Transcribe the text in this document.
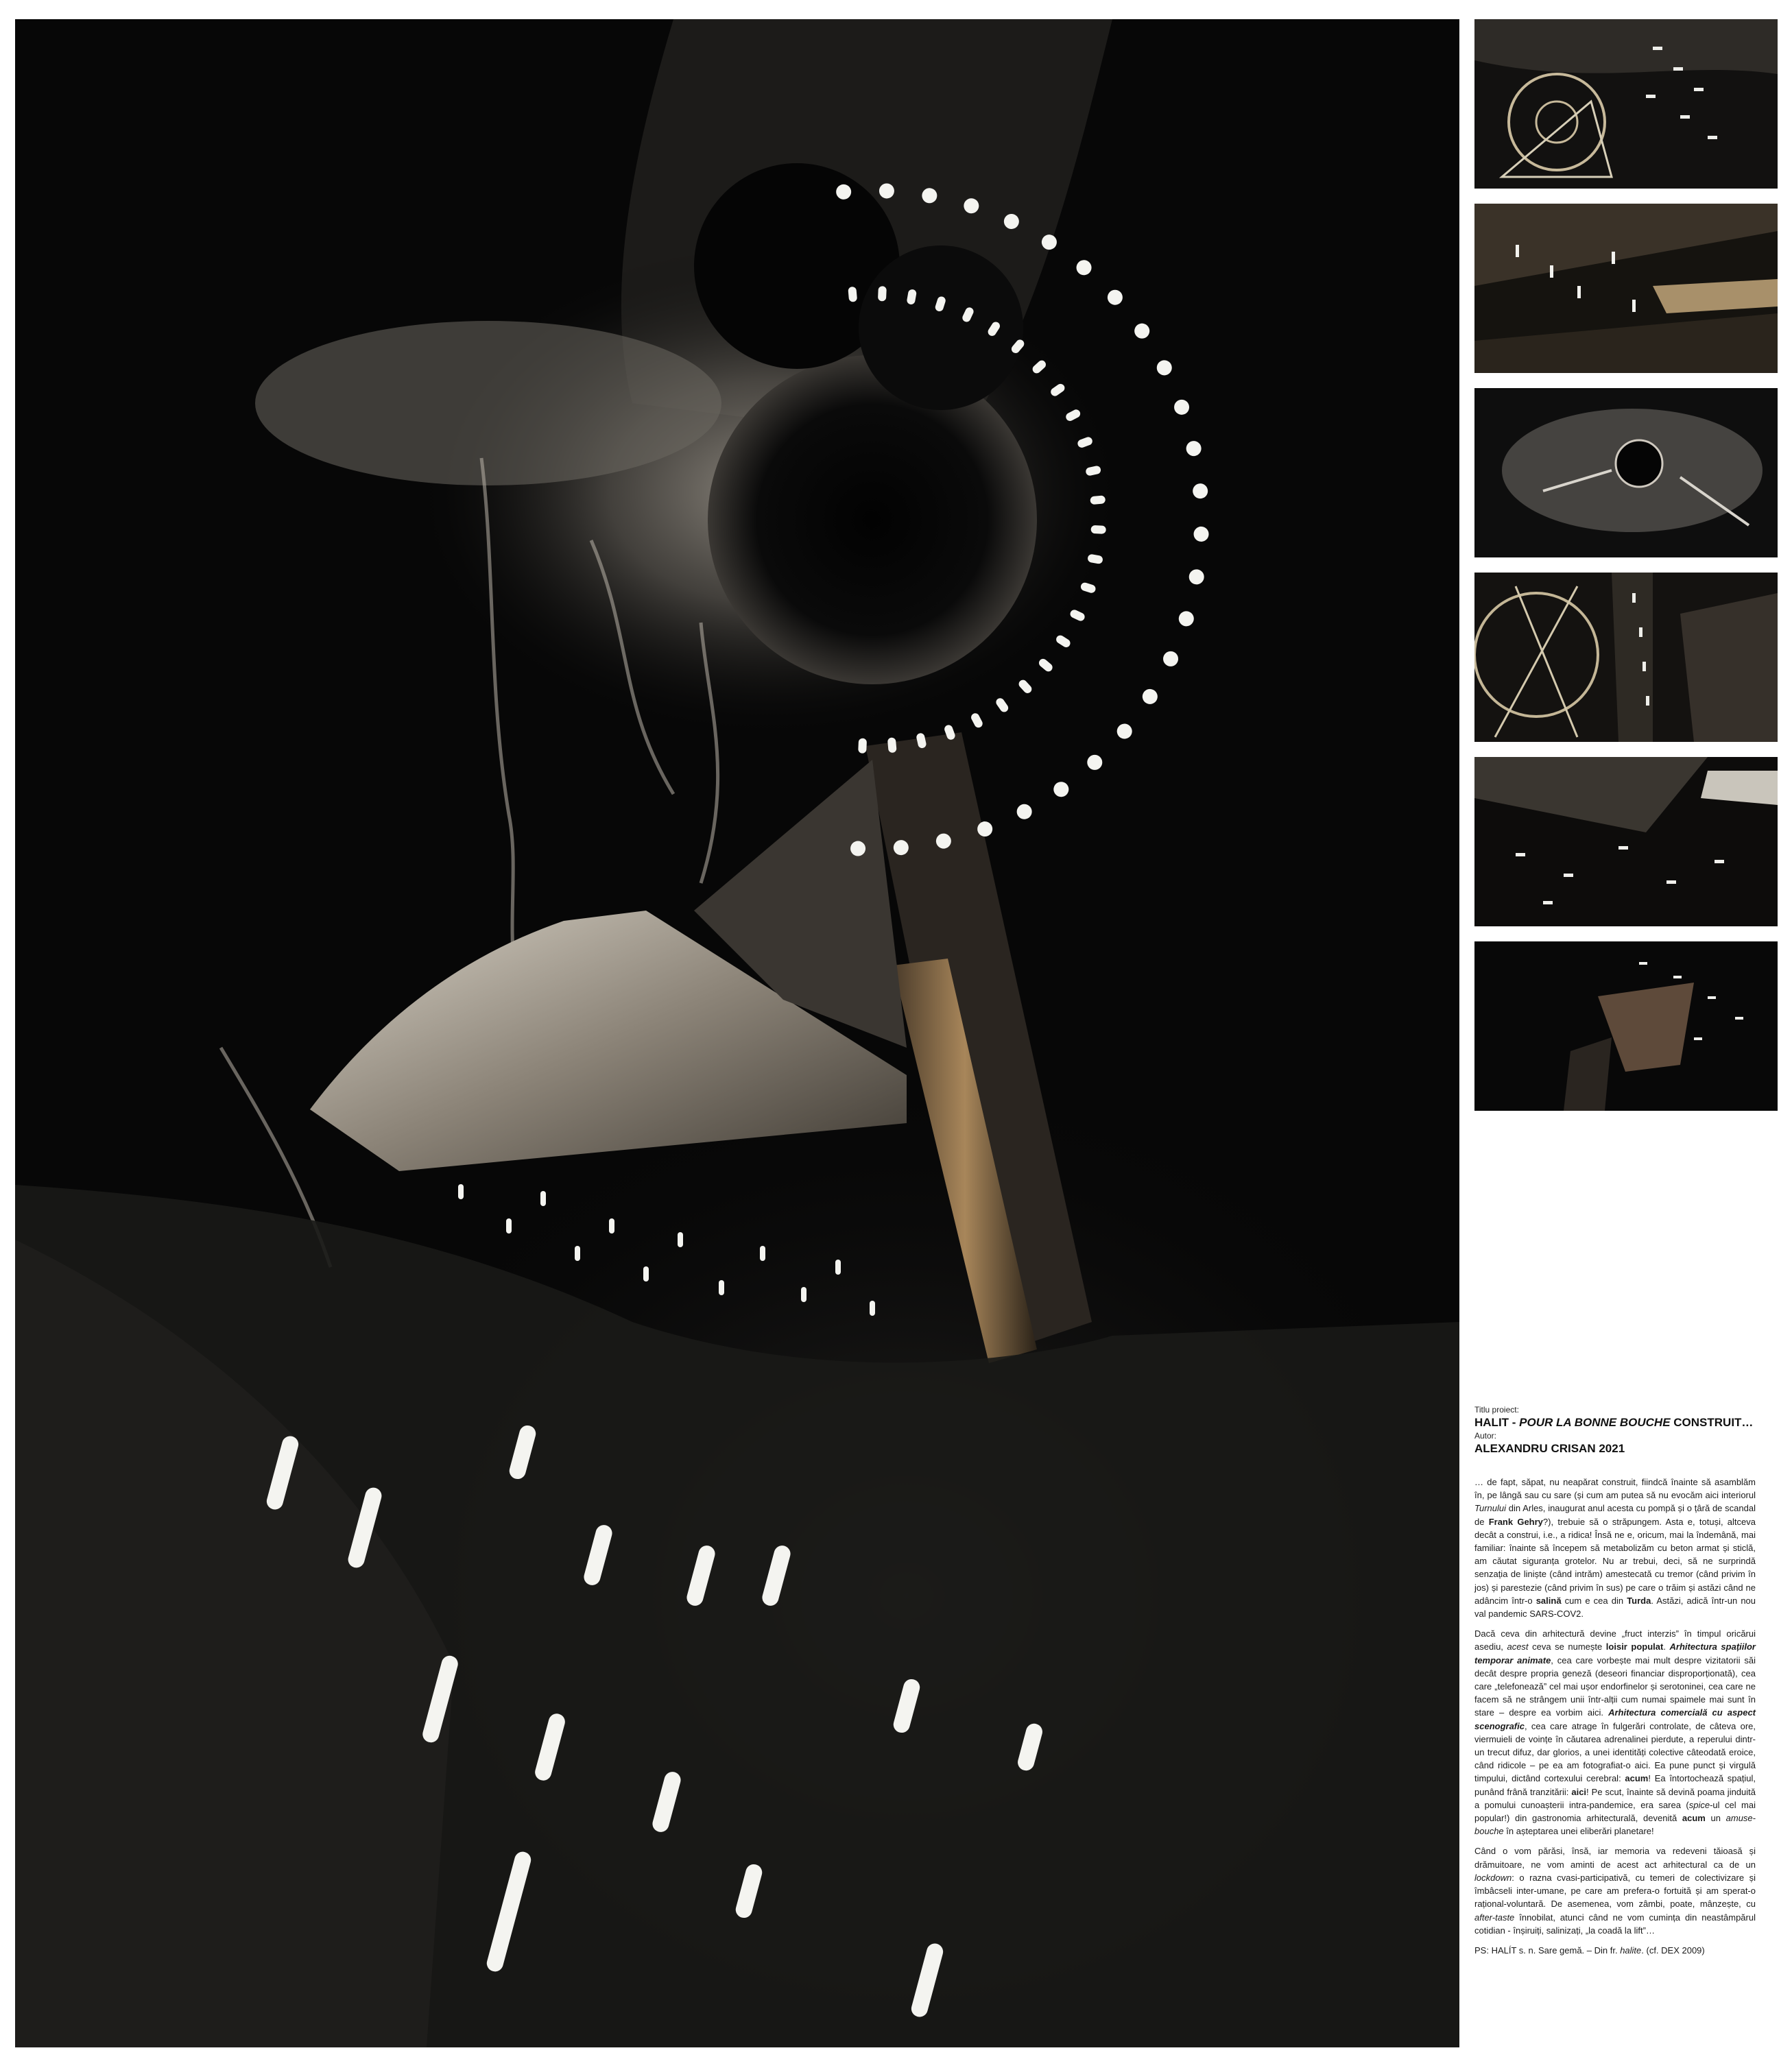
Titlu proiect:
HALIT - POUR LA BONNE BOUCHE CONSTRUIT…
Autor:
ALEXANDRU CRISAN 2021

… de fapt, săpat, nu neapărat construit, fiindcă înainte să asamblăm în, pe lângă sau cu sare (și cum am putea să nu evocăm aici interiorul Turnului din Arles, inaugurat anul acesta cu pompă și o țâră de scandal de Frank Gehry?), trebuie să o străpungem. Asta e, totuși, altceva decât a construi, i.e., a ridica! Însă ne e, oricum, mai la îndemână, mai familiar: înainte să începem să metabolizăm cu beton armat și sticlă, am căutat siguranța grotelor. Nu ar trebui, deci, să ne surprindă senzația de liniște (când intrăm) amestecată cu tremor (când privim în jos) și parestezie (când privim în sus) pe care o trăim și astăzi când ne adâncim într-o salină cum e cea din Turda. Astăzi, adică într-un nou val pandemic SARS-COV2.

Dacă ceva din arhitectură devine „fruct interzis” în timpul oricărui asediu, acest ceva se numește loisir populat. Arhitectura spațiilor temporar animate, cea care vorbește mai mult despre vizitatorii săi decât despre propria geneză (deseori financiar disproporționată), cea care „telefonează” cel mai ușor endorfinelor și serotoninei, cea care ne facem să ne strângem unii într-alții cum numai spaimele mai sunt în stare – despre ea vorbim aici. Arhitectura comercială cu aspect scenografic, cea care atrage în fulgerări controlate, de câteva ore, viermuieli de voințe în căutarea adrenalinei pierdute, a reperului dintr-un trecut difuz, dar glorios, a unei identități colective câteodată eroice, când ridicole – pe ea am fotografiat-o aici. Ea pune punct și virgulă timpului, dictând cortexului cerebral: acum! Ea întortochează spațiul, punând frână tranzitării: aici! Pe scut, înainte să devină poama jinduită a pomului cunoașterii intra-pandemice, era sarea (spice-ul cel mai popular!) din gastronomia arhitecturală, devenită acum un amuse-bouche în așteptarea unei eliberări planetare!

Când o vom părăsi, însă, iar memoria va redeveni tăioasă și drămuitoare, ne vom aminti de acest act arhitectural ca de un lockdown: o razna cvasi-participativă, cu temeri de colectivizare și îmbâcseli inter-umane, pe care am prefera-o fortuită și am sperat-o rațional-voluntară. De asemenea, vom zâmbi, poate, mânzește, cu after-taste înnobilat, atunci când ne vom cumința din neastâmpărul cotidian - înșiruiți, salinizați, „la coadă la lift”…

PS: HALÍT s. n. Sare gemă. – Din fr. halite. (cf. DEX 2009)
